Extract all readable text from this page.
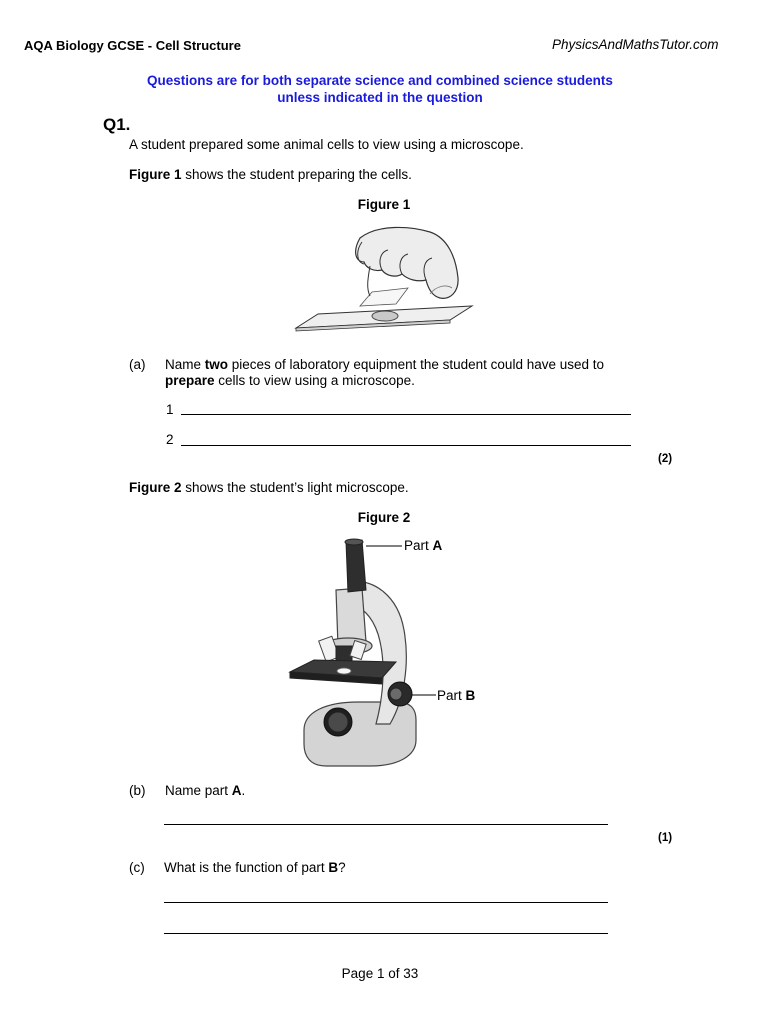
AQA Biology GCSE - Cell Structure	PhysicsAndMathsTutor.com
Questions are for both separate science and combined science students
unless indicated in the question
Q1.
A student prepared some animal cells to view using a microscope.
Figure 1 shows the student preparing the cells.
Figure 1
(a) Name two pieces of laboratory equipment the student could have used to
prepare cells to view using a microscope.
1
2
(2)
Figure 2 shows the student’s light microscope.
Figure 2
Part A
Part B
(b) Name part A.
(1)
(c) What is the function of part B?
Page 1 of 33
